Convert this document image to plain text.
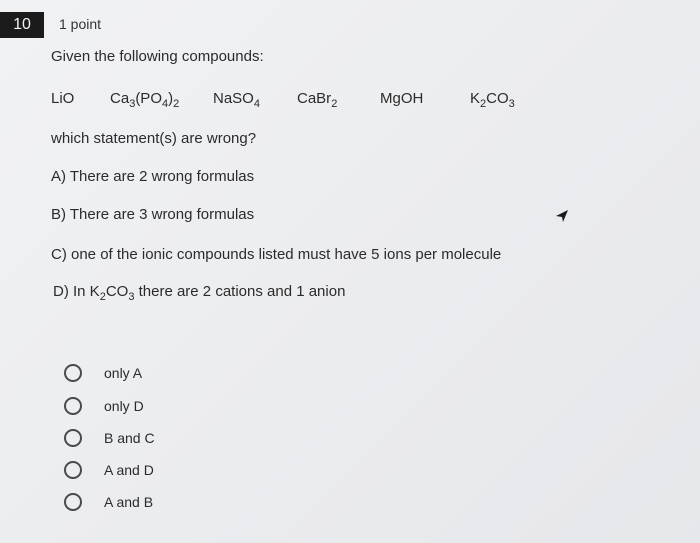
10	1 point
Given the following compounds:
LiO $Ca_3(PO_4)_2$ NaSO$_4$ CaBr$_2$	MgOH	$K_2CO_3$
which statement(s) are wrong?
A) There are 2 wrong formulas
B) There are 3 wrong formulas
C) one of the ionic compounds listed must have 5 ions per molecule
D) In $K_2CO_3$ there are 2 cations and 1 anion
only A
only D
B and C
A and D
A and B
